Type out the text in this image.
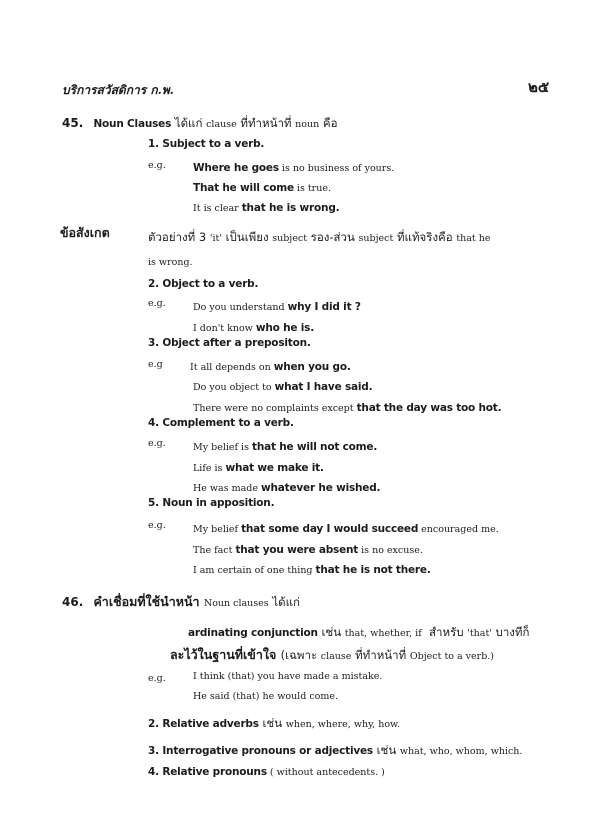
บริการสวัสดิการ ก.พ.	๒๕
45. Noun Clauses ได้แก่ clause ที่ทำหน้าที่ noun คือ
1. Subject to a verb.
e.g.	Where he goes is no business of yours.
That he will come is true.
It is clear that he is wrong.
ข้อสังเกต	ตัวอย่างที่ 3 'it' เป็นเพียง subject รอง-ส่วน subject ที่แท้จริงคือ that he
is wrong.
2. Object to a verb.
e.g.	Do you understand why I did it ?
I don't know who he is.
3. Object after a prepositon.
e.g	It all depends on when you go.
Do you object to what I have said.
There were no complaints except that the day was too hot.
4. Complement to a verb.
e.g.	My belief is that he will not come.
Life is what we make it.
He was made whatever he wished.
5. Noun in apposition.
e.g.	My belief that some day I would succeed encouraged me.
The fact that you were absent is no excuse.
I am certain of one thing that he is not there.
46. คำเชื่อมที่ใช้นำหน้า Noun clauses ได้แก่
ardinating conjunction เช่น that, whether, if  สำหรับ 'that' บางทีก็
ละไว้ในฐานที่เข้าใจ (เฉพาะ clause ที่ทำหน้าที่ Object to a verb.)
e.g.	I think (that) you have made a mistake.
He said (that) he would come.
2. Relative adverbs เช่น when, where, why, how.
3. Interrogative pronouns or adjectives เช่น what, who, whom, which.
4. Relative pronouns ( without antecedents. )
